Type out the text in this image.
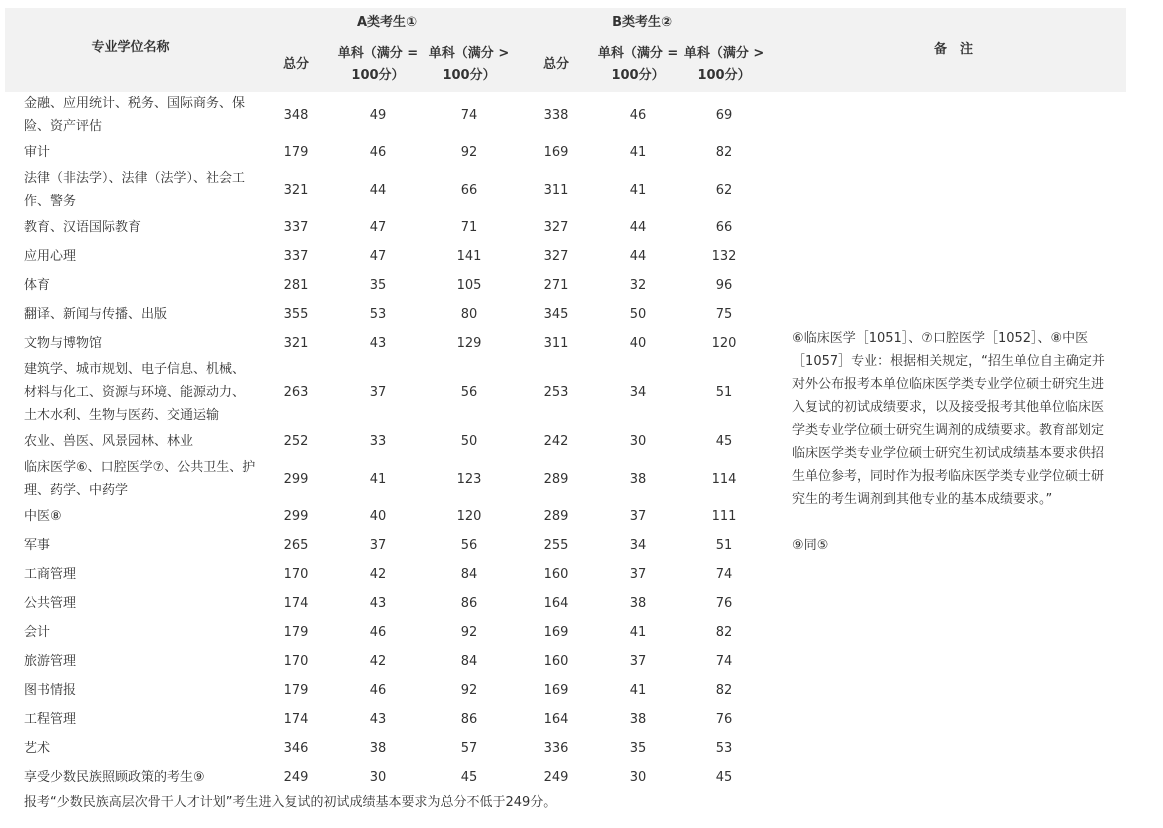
专业学位名称	A类考生①			B类考生②			备　注
	总分	单科（满分 = 100分）	单科（满分 > 100分）	总分	单科（满分 = 100分）	单科（满分 > 100分）	
金融、应用统计、税务、国际商务、保险、资产评估	348	49	74	338	46	69	⑥临床医学［1051］、⑦口腔医学［1052］、⑧中医［1057］专业：根据相关规定，“招生单位自主确定并对外公布报考本单位临床医学类专业学位硕士研究生进入复试的初试成绩要求，以及接受报考其他单位临床医学类专业学位硕士研究生调剂的成绩要求。教育部划定临床医学类专业学位硕士研究生初试成绩基本要求供招生单位参考，同时作为报考临床医学类专业学位硕士研究生的考生调剂到其他专业的基本成绩要求。”
⑨同⑤

审计	179	46	92	169	41	82	
法律（非法学）、法律（法学）、社会工作、警务	321	44	66	311	41	62	
教育、汉语国际教育	337	47	71	327	44	66	
应用心理	337	47	141	327	44	132	
体育	281	35	105	271	32	96	
翻译、新闻与传播、出版	355	53	80	345	50	75	
文物与博物馆	321	43	129	311	40	120	
建筑学、城市规划、电子信息、机械、材料与化工、资源与环境、能源动力、土木水利、生物与医药、交通运输	263	37	56	253	34	51	
农业、兽医、风景园林、林业	252	33	50	242	30	45	
临床医学⑥、口腔医学⑦、公共卫生、护理、药学、中药学	299	41	123	289	38	114	
中医⑧	299	40	120	289	37	111	
军事	265	37	56	255	34	51	
工商管理	170	42	84	160	37	74	
公共管理	174	43	86	164	38	76	
会计	179	46	92	169	41	82	
旅游管理	170	42	84	160	37	74	
图书情报	179	46	92	169	41	82	
工程管理	174	43	86	164	38	76	
艺术	346	38	57	336	35	53	
享受少数民族照顾政策的考生⑨	249	30	45	249	30	45	
报考“少数民族高层次骨干人才计划”考生进入复试的初试成绩基本要求为总分不低于249分。
